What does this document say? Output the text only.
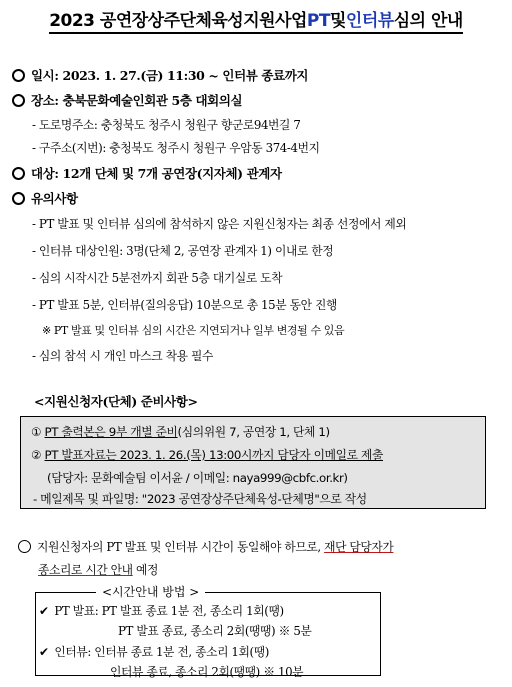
2023 공연장상주단체육성지원사업PT및인터뷰심의 안내
일시: 2023. 1. 27.(금) 11:30 ~ 인터뷰 종료까지
장소: 충북문화예술인회관 5층 대회의실
- 도로명주소: 충청북도 청주시 청원구 향군로94번길 7
- 구주소(지번): 충청북도 청주시 청원구 우암동 374-4번지
대상: 12개 단체 및 7개 공연장(지자체) 관계자
유의사항
- PT 발표 및 인터뷰 심의에 참석하지 않은 지원신청자는 최종 선정에서 제외
- 인터뷰 대상인원: 3명(단체 2, 공연장 관계자 1) 이내로 한정
- 심의 시작시간 5분전까지 회관 5층 대기실로 도착
- PT 발표 5분, 인터뷰(질의응답) 10분으로 총 15분 동안 진행
※ PT 발표 및 인터뷰 심의 시간은 지연되거나 일부 변경될 수 있음
- 심의 참석 시 개인 마스크 착용 필수
<지원신청자(단체) 준비사항>
① PT 출력본은 9부 개별 준비(심의위원 7, 공연장 1, 단체 1)
② PT 발표자료는 2023. 1. 26.(목) 13:00시까지 담당자 이메일로 제출
(담당자: 문화예술팀 이서윤 / 이메일: naya999@cbfc.or.kr)
- 메일제목 및 파일명: "2023 공연장상주단체육성-단체명"으로 작성
지원신청자의 PT 발표 및 인터뷰 시간이 동일해야 하므로, 재단 담당자가
종소리로 시간 안내 예정
<시간안내 방법 >
✔ PT 발표: PT 발표 종료 1분 전, 종소리 1회(땡)
PT 발표 종료, 종소리 2회(땡땡) ※ 5분
✔ 인터뷰: 인터뷰 종료 1분 전, 종소리 1회(땡)
인터뷰 종료, 종소리 2회(땡땡) ※ 10분
